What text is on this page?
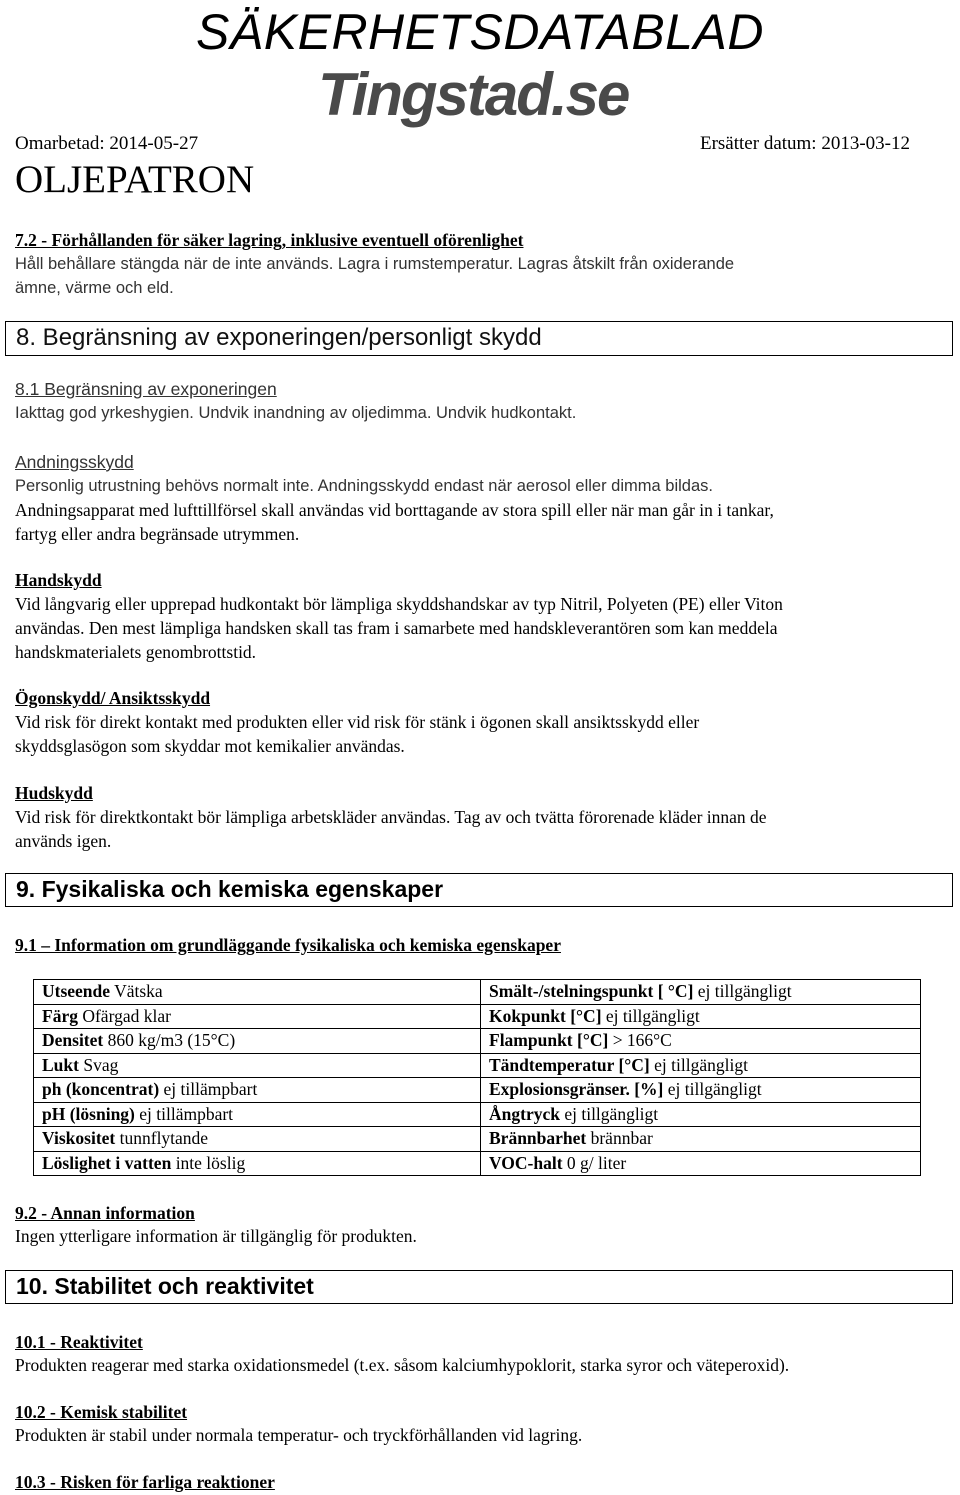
SÄKERHETSDATABLAD
Tingstad.se
Omarbetad: 2014-05-27	Ersätter datum: 2013-03-12
OLJEPATRON
7.2 - Förhållanden för säker lagring, inklusive eventuell oförenlighet
Håll behållare stängda när de inte används. Lagra i rumstemperatur. Lagras åtskilt från oxiderande
ämne, värme och eld.
8. Begränsning av exponeringen/personligt skydd
8.1 Begränsning av exponeringen
Iakttag god yrkeshygien. Undvik inandning av oljedimma. Undvik hudkontakt.
Andningsskydd
Personlig utrustning behövs normalt inte. Andningsskydd endast när aerosol eller dimma bildas.
Andningsapparat med lufttillförsel skall användas vid borttagande av stora spill eller när man går in i tankar,
fartyg eller andra begränsade utrymmen.
Handskydd
Vid långvarig eller upprepad hudkontakt bör lämpliga skyddshandskar av typ Nitril, Polyeten (PE) eller Viton
användas. Den mest lämpliga handsken skall tas fram i samarbete med handskleverantören som kan meddela
handskmaterialets genombrottstid.
Ögonskydd/ Ansiktsskydd
Vid risk för direkt kontakt med produkten eller vid risk för stänk i ögonen skall ansiktsskydd eller
skyddsglasögon som skyddar mot kemikalier användas.
Hudskydd
Vid risk för direktkontakt bör lämpliga arbetskläder användas. Tag av och tvätta förorenade kläder innan de
används igen.
9. Fysikaliska och kemiska egenskaper
9.1 – Information om grundläggande fysikaliska och kemiska egenskaper
Utseende Vätska	Smält-/stelningspunkt [ °C] ej tillgängligt
Färg Ofärgad klar	Kokpunkt [°C] ej tillgängligt
Densitet 860 kg/m3 (15°C)	Flampunkt [°C] > 166°C
Lukt Svag	Tändtemperatur [°C] ej tillgängligt
ph (koncentrat) ej tillämpbart	Explosionsgränser. [%] ej tillgängligt
pH (lösning) ej tillämpbart	Ångtryck ej tillgängligt
Viskositet tunnflytande	Brännbarhet brännbar
Löslighet i vatten inte löslig	VOC-halt 0 g/ liter
9.2 - Annan information
Ingen ytterligare information är tillgänglig för produkten.
10. Stabilitet och reaktivitet
10.1 - Reaktivitet
Produkten reagerar med starka oxidationsmedel (t.ex. såsom kalciumhypoklorit, starka syror och väteperoxid).
10.2 - Kemisk stabilitet
Produkten är stabil under normala temperatur- och tryckförhållanden vid lagring.
10.3 - Risken för farliga reaktioner
